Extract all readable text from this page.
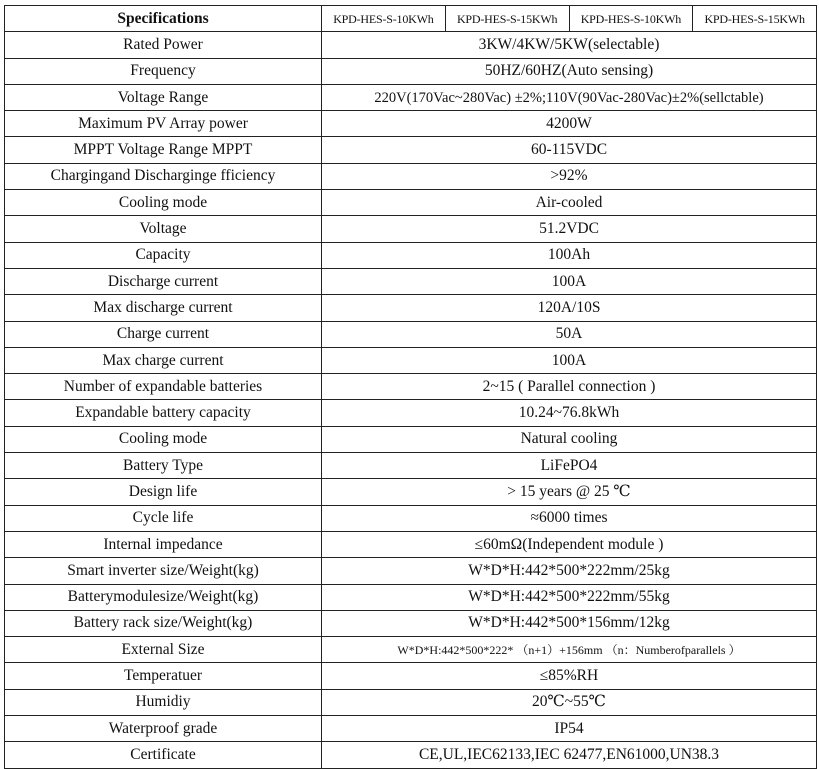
Specifications	KPD-HES-S-10KWh	KPD-HES-S-15KWh	KPD-HES-S-10KWh	KPD-HES-S-15KWh
Rated Power	3KW/4KW/5KW(selectable)			
Frequency	50HZ/60HZ(Auto sensing)			
Voltage Range	220V(170Vac~280Vac) ±2%;110V(90Vac-280Vac)±2%(sellctable)			
Maximum PV Array power	4200W			
MPPT Voltage Range MPPT	60-115VDC			
Chargingand Discharginge fficiency	>92%			
Cooling mode	Air-cooled			
Voltage	51.2VDC			
Capacity	100Ah			
Discharge current	100A			
Max discharge current	120A/10S			
Charge current	50A			
Max charge current	100A			
Number of expandable batteries	2~15 ( Parallel connection )			
Expandable battery capacity	10.24~76.8kWh			
Cooling mode	Natural cooling			
Battery Type	LiFePO4			
Design life	> 15 years @ 25 ℃			
Cycle life	≈6000 times			
Internal impedance	≤60mΩ(Independent module )			
Smart inverter size/Weight(kg)	W*D*H:442*500*222mm/25kg			
Batterymodulesize/Weight(kg)	W*D*H:442*500*222mm/55kg			
Battery rack size/Weight(kg)	W*D*H:442*500*156mm/12kg			
External Size	W*D*H:442*500*222* （n+1）+156mm （n：Numberofparallels ）			
Temperatuer	≤85%RH			
Humidiy	20℃~55℃			
Waterproof grade	IP54			
Certificate	CE,UL,IEC62133,IEC 62477,EN61000,UN38.3			
